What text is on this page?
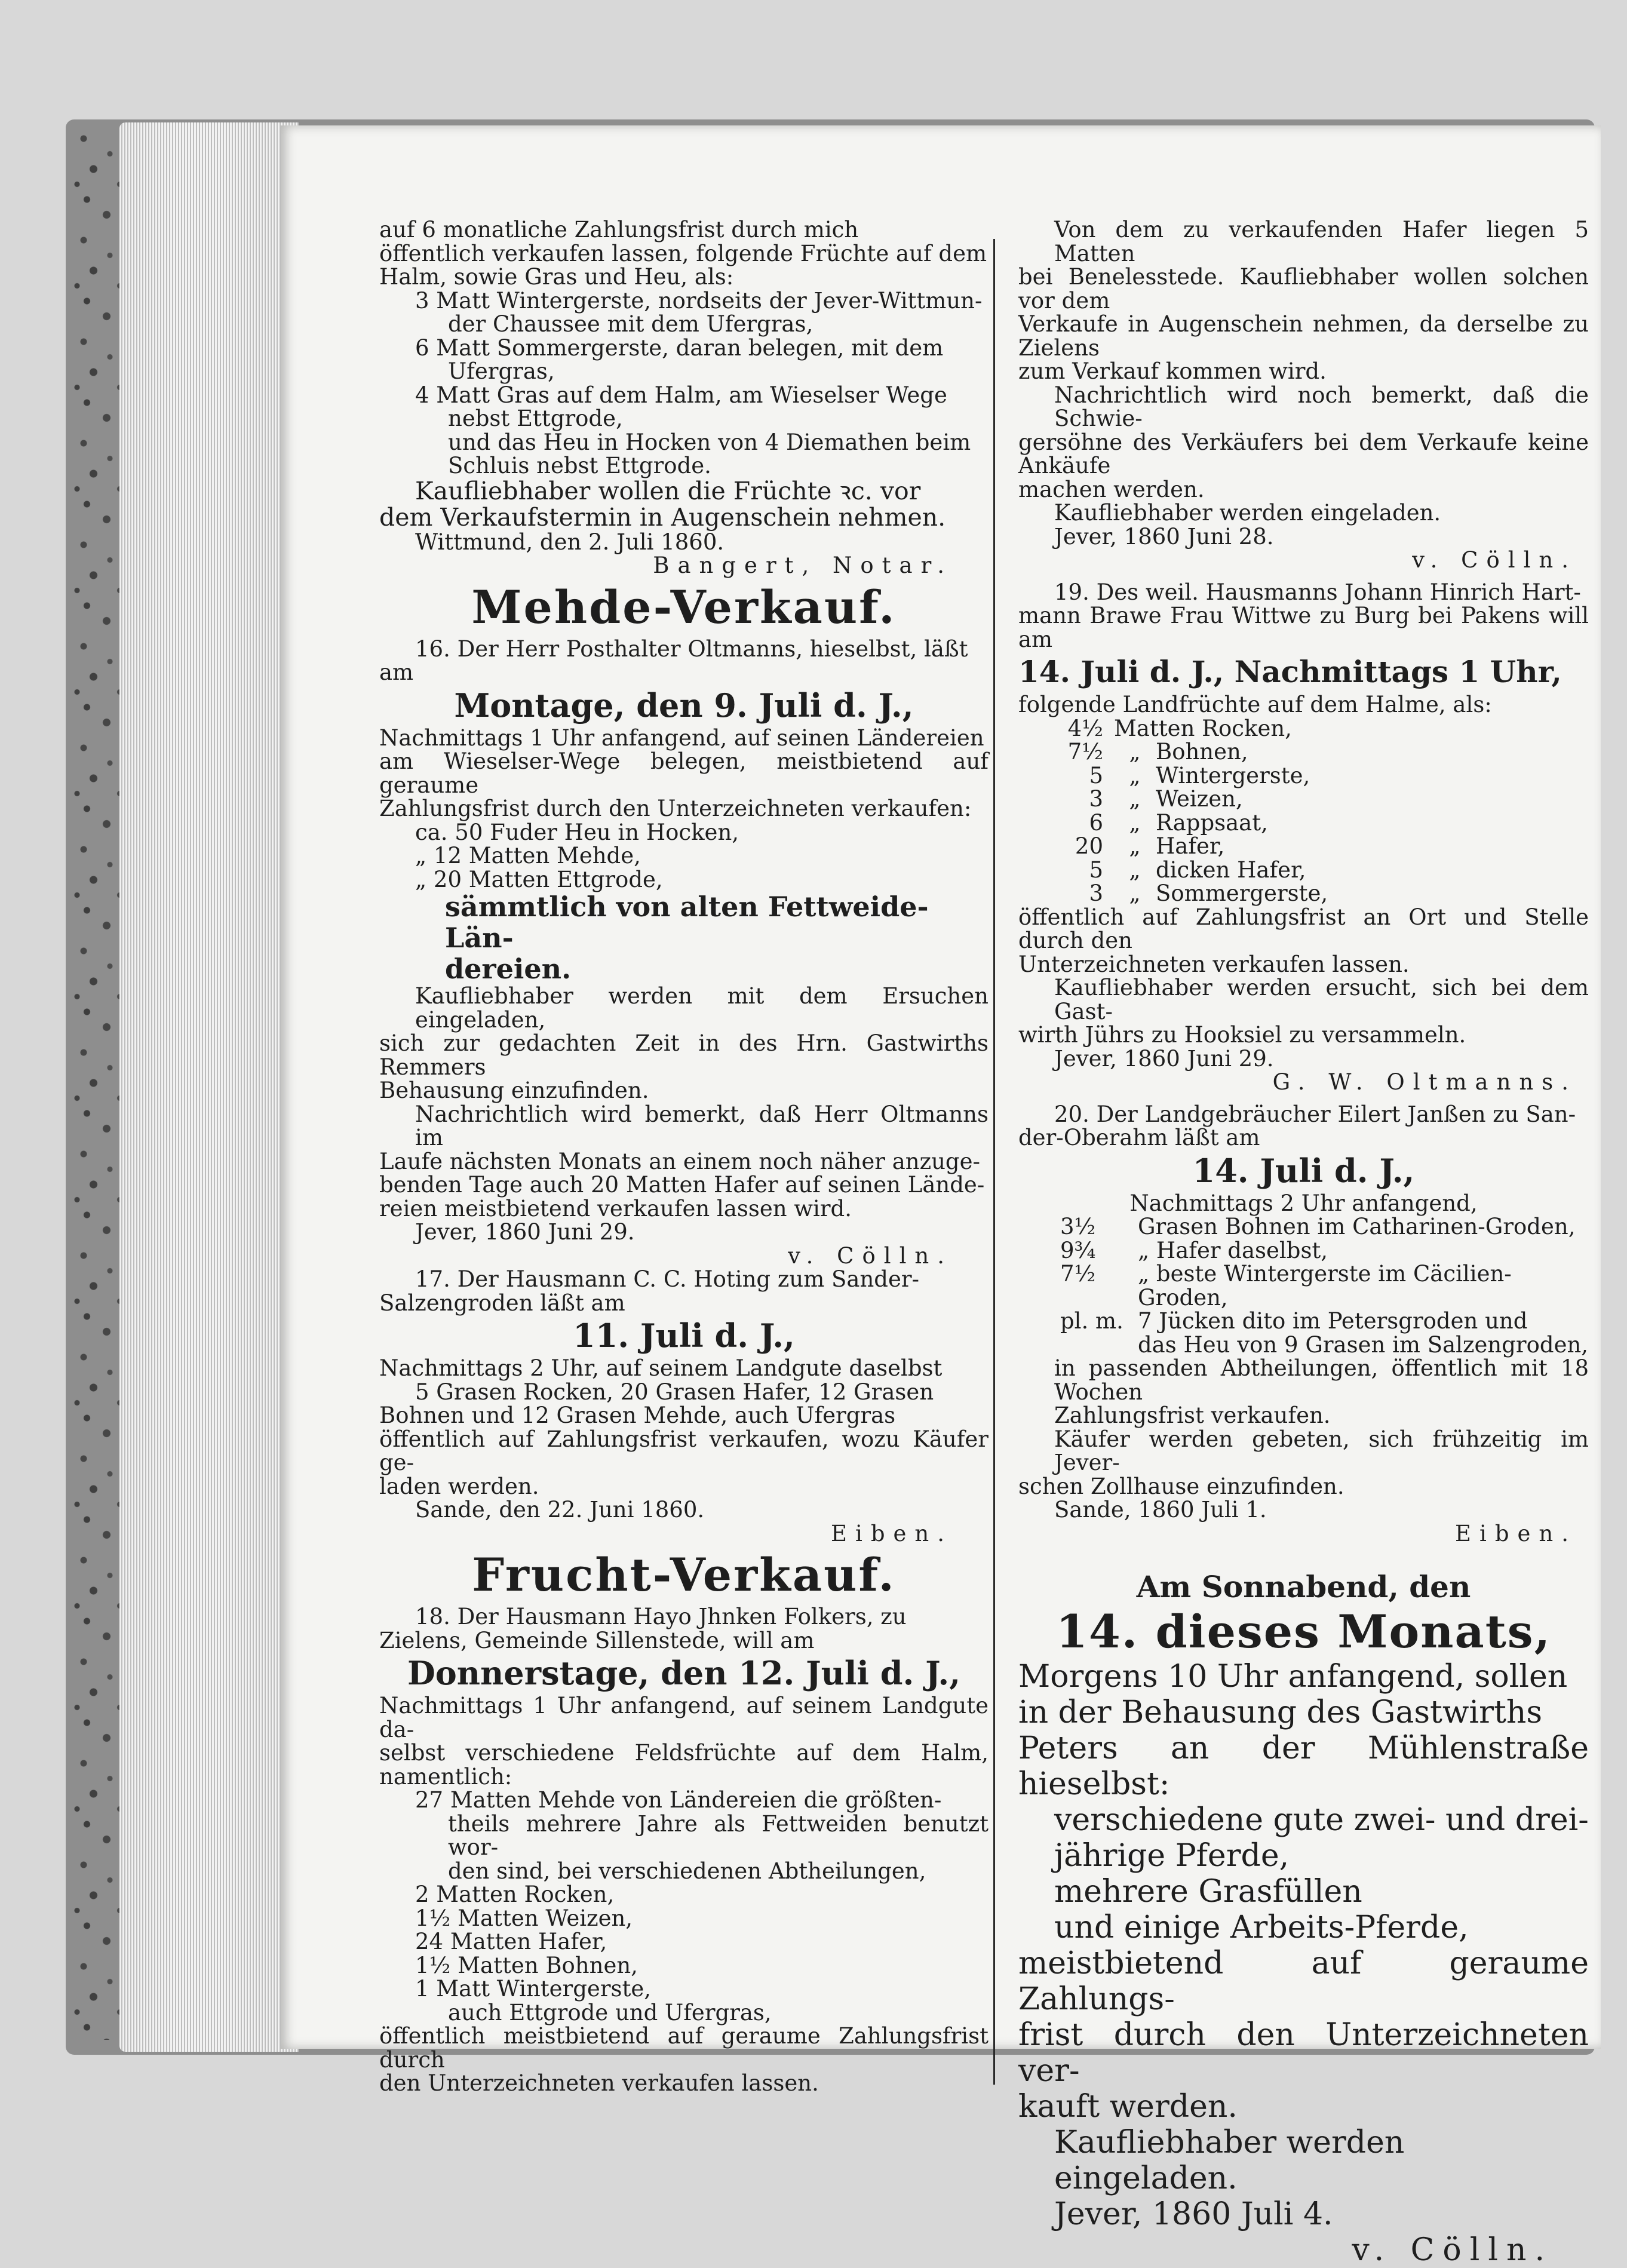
auf 6 monatliche Zahlungsfrist durch mich

öffentlich verkaufen lassen, folgende Früchte auf dem

Halm, sowie Gras und Heu, als:

3 Matt Wintergerste, nordseits der Jever-Wittmun-

der Chaussee mit dem Ufergras,

6 Matt Sommergerste, daran belegen, mit dem

Ufergras,

4 Matt Gras auf dem Halm, am Wieselser Wege

nebst Ettgrode,

und das Heu in Hocken von 4 Diemathen beim

Schluis nebst Ettgrode.

Kaufliebhaber wollen die Früchte ꝛc. vor

dem Verkaufstermin in Augenschein nehmen.

Wittmund, den 2. Juli 1860.

Bangert, Notar.

Mehde-Verkauf.

16. Der Herr Posthalter Oltmanns, hieselbst, läßt

am

Montage, den 9. Juli d. J.,

Nachmittags 1 Uhr anfangend, auf seinen Ländereien

am Wieselser-Wege belegen, meistbietend auf geraume

Zahlungsfrist durch den Unterzeichneten verkaufen:

ca. 50 Fuder Heu in Hocken,

„ 12 Matten Mehde,

„ 20 Matten Ettgrode,

sämmtlich von alten Fettweide-Län-

dereien.

Kaufliebhaber werden mit dem Ersuchen eingeladen,

sich zur gedachten Zeit in des Hrn. Gastwirths Remmers

Behausung einzufinden.

Nachrichtlich wird bemerkt, daß Herr Oltmanns im

Laufe nächsten Monats an einem noch näher anzuge-

benden Tage auch 20 Matten Hafer auf seinen Lände-

reien meistbietend verkaufen lassen wird.

Jever, 1860 Juni 29.

v. Cölln.

17. Der Hausmann C. C. Hoting zum Sander-

Salzengroden läßt am

11. Juli d. J.,

Nachmittags 2 Uhr, auf seinem Landgute daselbst

5 Grasen Rocken, 20 Grasen Hafer, 12 Grasen

Bohnen und 12 Grasen Mehde, auch Ufergras

öffentlich auf Zahlungsfrist verkaufen, wozu Käufer ge-

laden werden.

Sande, den 22. Juni 1860.

Eiben.

Frucht-Verkauf.

18. Der Hausmann Hayo Jhnken Folkers, zu

Zielens, Gemeinde Sillenstede, will am

Donnerstage, den 12. Juli d. J.,

Nachmittags 1 Uhr anfangend, auf seinem Landgute da-

selbst verschiedene Feldsfrüchte auf dem Halm, namentlich:

27 Matten Mehde von Ländereien die größten-

theils mehrere Jahre als Fettweiden benutzt wor-

den sind, bei verschiedenen Abtheilungen,

2 Matten Rocken,

1½ Matten Weizen,

24 Matten Hafer,

1½ Matten Bohnen,

1 Matt Wintergerste,

auch Ettgrode und Ufergras,

öffentlich meistbietend auf geraume Zahlungsfrist durch

den Unterzeichneten verkaufen lassen.

Von dem zu verkaufenden Hafer liegen 5 Matten

bei Benelesstede. Kaufliebhaber wollen solchen vor dem

Verkaufe in Augenschein nehmen, da derselbe zu Zielens

zum Verkauf kommen wird.

Nachrichtlich wird noch bemerkt, daß die Schwie-

gersöhne des Verkäufers bei dem Verkaufe keine Ankäufe

machen werden.

Kaufliebhaber werden eingeladen.

Jever, 1860 Juni 28.

v. Cölln.

19. Des weil. Hausmanns Johann Hinrich Hart-

mann Brawe Frau Wittwe zu Burg bei Pakens will am

14. Juli d. J., Nachmittags 1 Uhr,

folgende Landfrüchte auf dem Halme, als:

4½ Matten Rocken,
7½	„ Bohnen,
5	„ Wintergerste,
3	„ Weizen,
6	„ Rappsaat,
20	„ Hafer,
5	„ dicken Hafer,
3	„ Sommergerste,

öffentlich auf Zahlungsfrist an Ort und Stelle durch den

Unterzeichneten verkaufen lassen.

Kaufliebhaber werden ersucht, sich bei dem Gast-

wirth Jührs zu Hooksiel zu versammeln.

Jever, 1860 Juni 29.

G. W. Oltmanns.

20. Der Landgebräucher Eilert Janßen zu San-

der-Oberahm läßt am

14. Juli d. J.,

Nachmittags 2 Uhr anfangend,

3½	Grasen Bohnen im Catharinen-Groden,
9¾	„ Hafer daselbst,
7½	„ beste Wintergerste im Cäcilien-Groden,
pl. m. 7 Jücken dito im Petersgroden und
das Heu von 9 Grasen im Salzengroden,

in passenden Abtheilungen, öffentlich mit 18 Wochen

Zahlungsfrist verkaufen.

Käufer werden gebeten, sich frühzeitig im Jever-

schen Zollhause einzufinden.

Sande, 1860 Juli 1.

Eiben.

Am Sonnabend, den

14. dieses Monats,

Morgens 10 Uhr anfangend, sollen

in der Behausung des Gastwirths

Peters an der Mühlenstraße hieselbst:

verschiedene gute zwei- und drei-

jährige Pferde,

mehrere Grasfüllen

und einige Arbeits-Pferde,

meistbietend auf geraume Zahlungs-

frist durch den Unterzeichneten ver-

kauft werden.

Kaufliebhaber werden eingeladen.

Jever, 1860 Juli 4.

v. Cölln.
